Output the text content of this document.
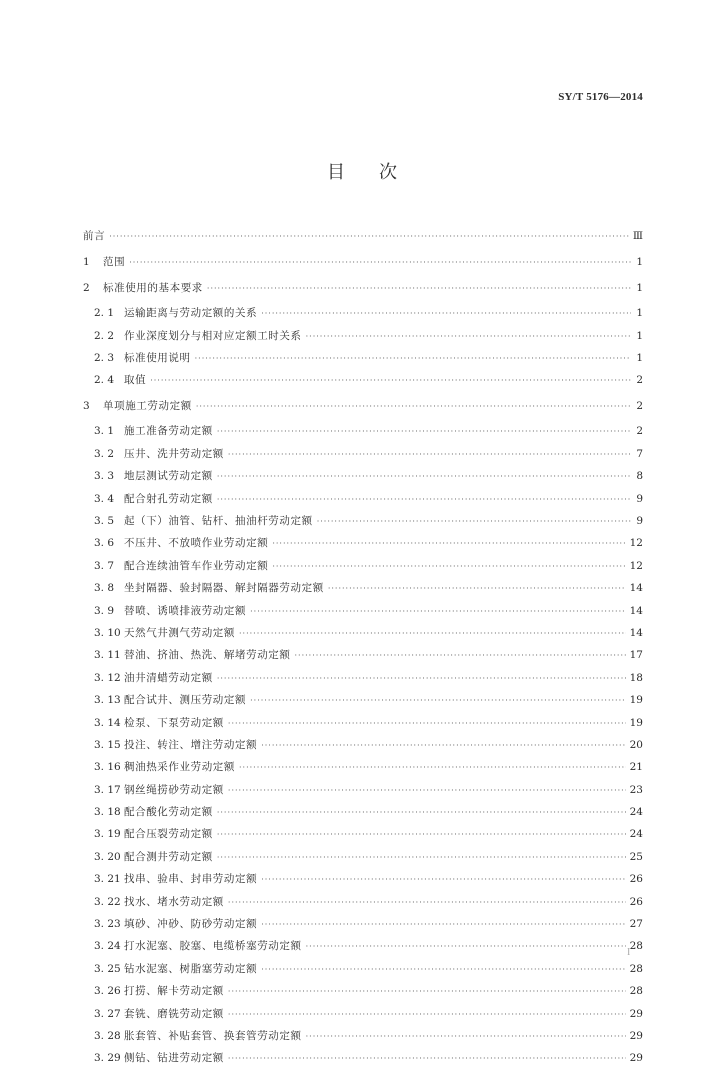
SY/T 5176—2014
目次
前言 ·····	Ⅲ
1	范围 ·····	1
2	标准使用的基本要求 ·····	1
2. 1 运输距离与劳动定额的关系 ·····	1
2. 2 作业深度划分与相对应定额工时关系 ·····	1
2. 3 标准使用说明 ·····	1
2. 4 取值 ·····	2
3	单项施工劳动定额 ·····	2
3. 1 施工准备劳动定额 ·····	2
3. 2 压井、洗井劳动定额 ·····	7
3. 3 地层测试劳动定额 ·····	8
3. 4 配合射孔劳动定额 ·····	9
3. 5 起（下）油管、钻杆、抽油杆劳动定额 ·····	9
3. 6 不压井、不放喷作业劳动定额 ·····	12
3. 7 配合连续油管车作业劳动定额 ·····	12
3. 8 坐封隔器、验封隔器、解封隔器劳动定额 ·····	14
3. 9 替喷、诱喷排液劳动定额 ·····	14
3. 10 天然气井测气劳动定额 ·····	14
3. 11 替油、挤油、热洗、解堵劳动定额 ·····	17
3. 12 油井清蜡劳动定额 ·····	18
3. 13 配合试井、测压劳动定额 ·····	19
3. 14 检泵、下泵劳动定额 ·····	19
3. 15 投注、转注、增注劳动定额 ·····	20
3. 16 稠油热采作业劳动定额 ·····	21
3. 17 钢丝绳捞砂劳动定额 ·····	23
3. 18 配合酸化劳动定额 ·····	24
3. 19 配合压裂劳动定额 ·····	24
3. 20 配合测井劳动定额 ·····	25
3. 21 找串、验串、封串劳动定额 ·····	26
3. 22 找水、堵水劳动定额 ·····	26
3. 23 填砂、冲砂、防砂劳动定额 ·····	27
3. 24 打水泥塞、胶塞、电缆桥塞劳动定额 ·····	28
3. 25 钻水泥塞、树脂塞劳动定额 ·····	28
3. 26 打捞、解卡劳动定额 ·····	28
3. 27 套铣、磨铣劳动定额 ·····	29
3. 28 胀套管、补贴套管、换套管劳动定额 ·····	29
3. 29 侧钻、钻进劳动定额 ·····	29
I
